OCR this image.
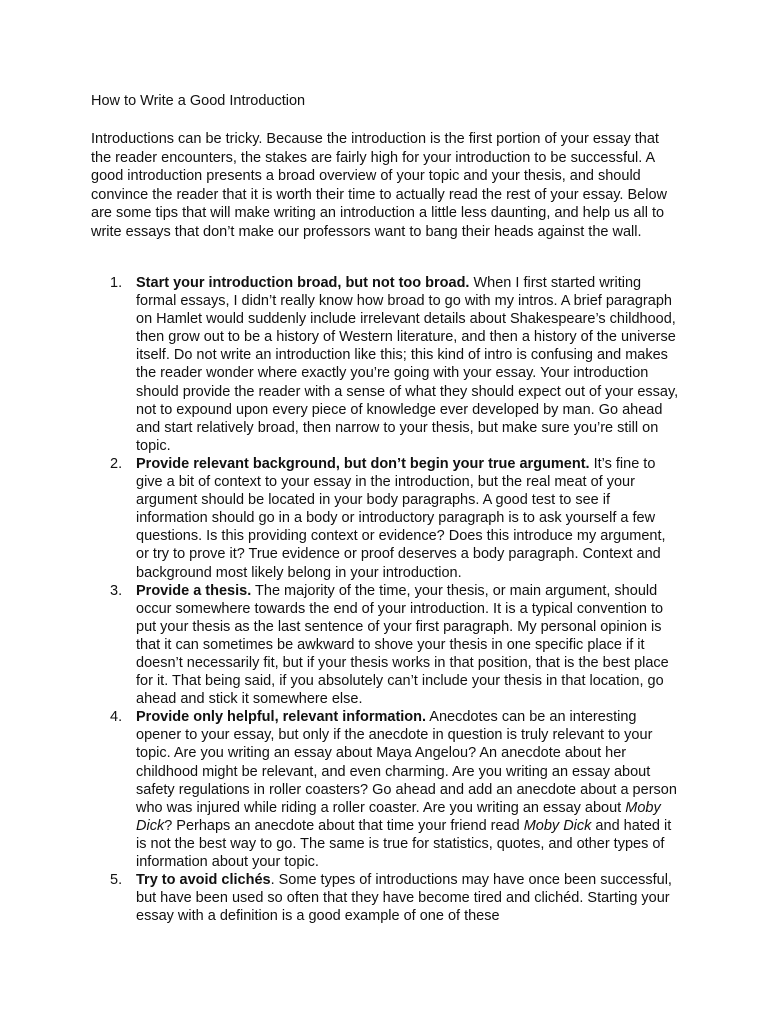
How to Write a Good Introduction

Introductions can be tricky. Because the introduction is the first portion of your essay that the reader encounters, the stakes are fairly high for your introduction to be successful. A good introduction presents a broad overview of your topic and your thesis, and should convince the reader that it is worth their time to actually read the rest of your essay. Below are some tips that will make writing an introduction a little less daunting, and help us all to write essays that don’t make our professors want to bang their heads against the wall.

1. Start your introduction broad, but not too broad. When I first started writing formal essays, I didn’t really know how broad to go with my intros. A brief paragraph on Hamlet would suddenly include irrelevant details about Shakespeare’s childhood, then grow out to be a history of Western literature, and then a history of the universe itself. Do not write an introduction like this; this kind of intro is confusing and makes the reader wonder where exactly you’re going with your essay. Your introduction should provide the reader with a sense of what they should expect out of your essay, not to expound upon every piece of knowledge ever developed by man. Go ahead and start relatively broad, then narrow to your thesis, but make sure you’re still on topic.
2. Provide relevant background, but don’t begin your true argument. It’s fine to give a bit of context to your essay in the introduction, but the real meat of your argument should be located in your body paragraphs. A good test to see if information should go in a body or introductory paragraph is to ask yourself a few questions. Is this providing context or evidence? Does this introduce my argument, or try to prove it? True evidence or proof deserves a body paragraph. Context and background most likely belong in your introduction.
3. Provide a thesis. The majority of the time, your thesis, or main argument, should occur somewhere towards the end of your introduction. It is a typical convention to put your thesis as the last sentence of your first paragraph. My personal opinion is that it can sometimes be awkward to shove your thesis in one specific place if it doesn’t necessarily fit, but if your thesis works in that position, that is the best place for it. That being said, if you absolutely can’t include your thesis in that location, go ahead and stick it somewhere else.
4. Provide only helpful, relevant information. Anecdotes can be an interesting opener to your essay, but only if the anecdote in question is truly relevant to your topic. Are you writing an essay about Maya Angelou? An anecdote about her childhood might be relevant, and even charming. Are you writing an essay about safety regulations in roller coasters? Go ahead and add an anecdote about a person who was injured while riding a roller coaster. Are you writing an essay about Moby Dick? Perhaps an anecdote about that time your friend read Moby Dick and hated it is not the best way to go. The same is true for statistics, quotes, and other types of information about your topic.
5. Try to avoid clichés. Some types of introductions may have once been successful, but have been used so often that they have become tired and clichéd. Starting your essay with a definition is a good example of one of these
